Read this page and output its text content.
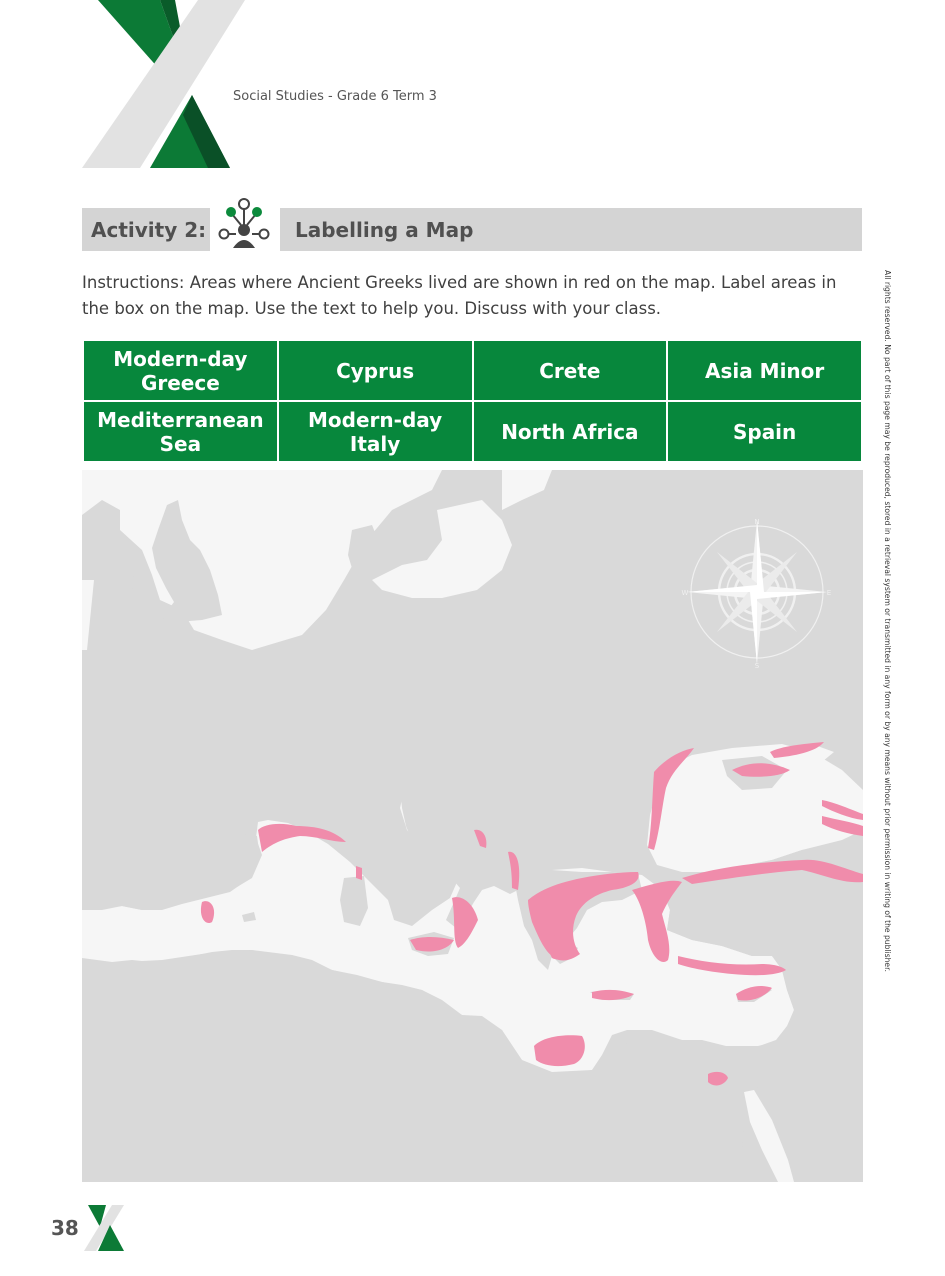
Social Studies - Grade 6 Term 3
Activity 2:	Labelling a Map
Instructions: Areas where Ancient Greeks lived are shown in red on the map. Label areas in the box on the map. Use the text to help you. Discuss with your class.
Modern-day Greece	Cyprus	Crete	Asia Minor
Mediterranean Sea	Modern-day Italy	North Africa	Spain
N
S
E
W	All rights reserved. No part of this page may be reproduced, stored in a retrieval system or transmitted in any form or by any means without prior permission in writing of the publisher.
38
